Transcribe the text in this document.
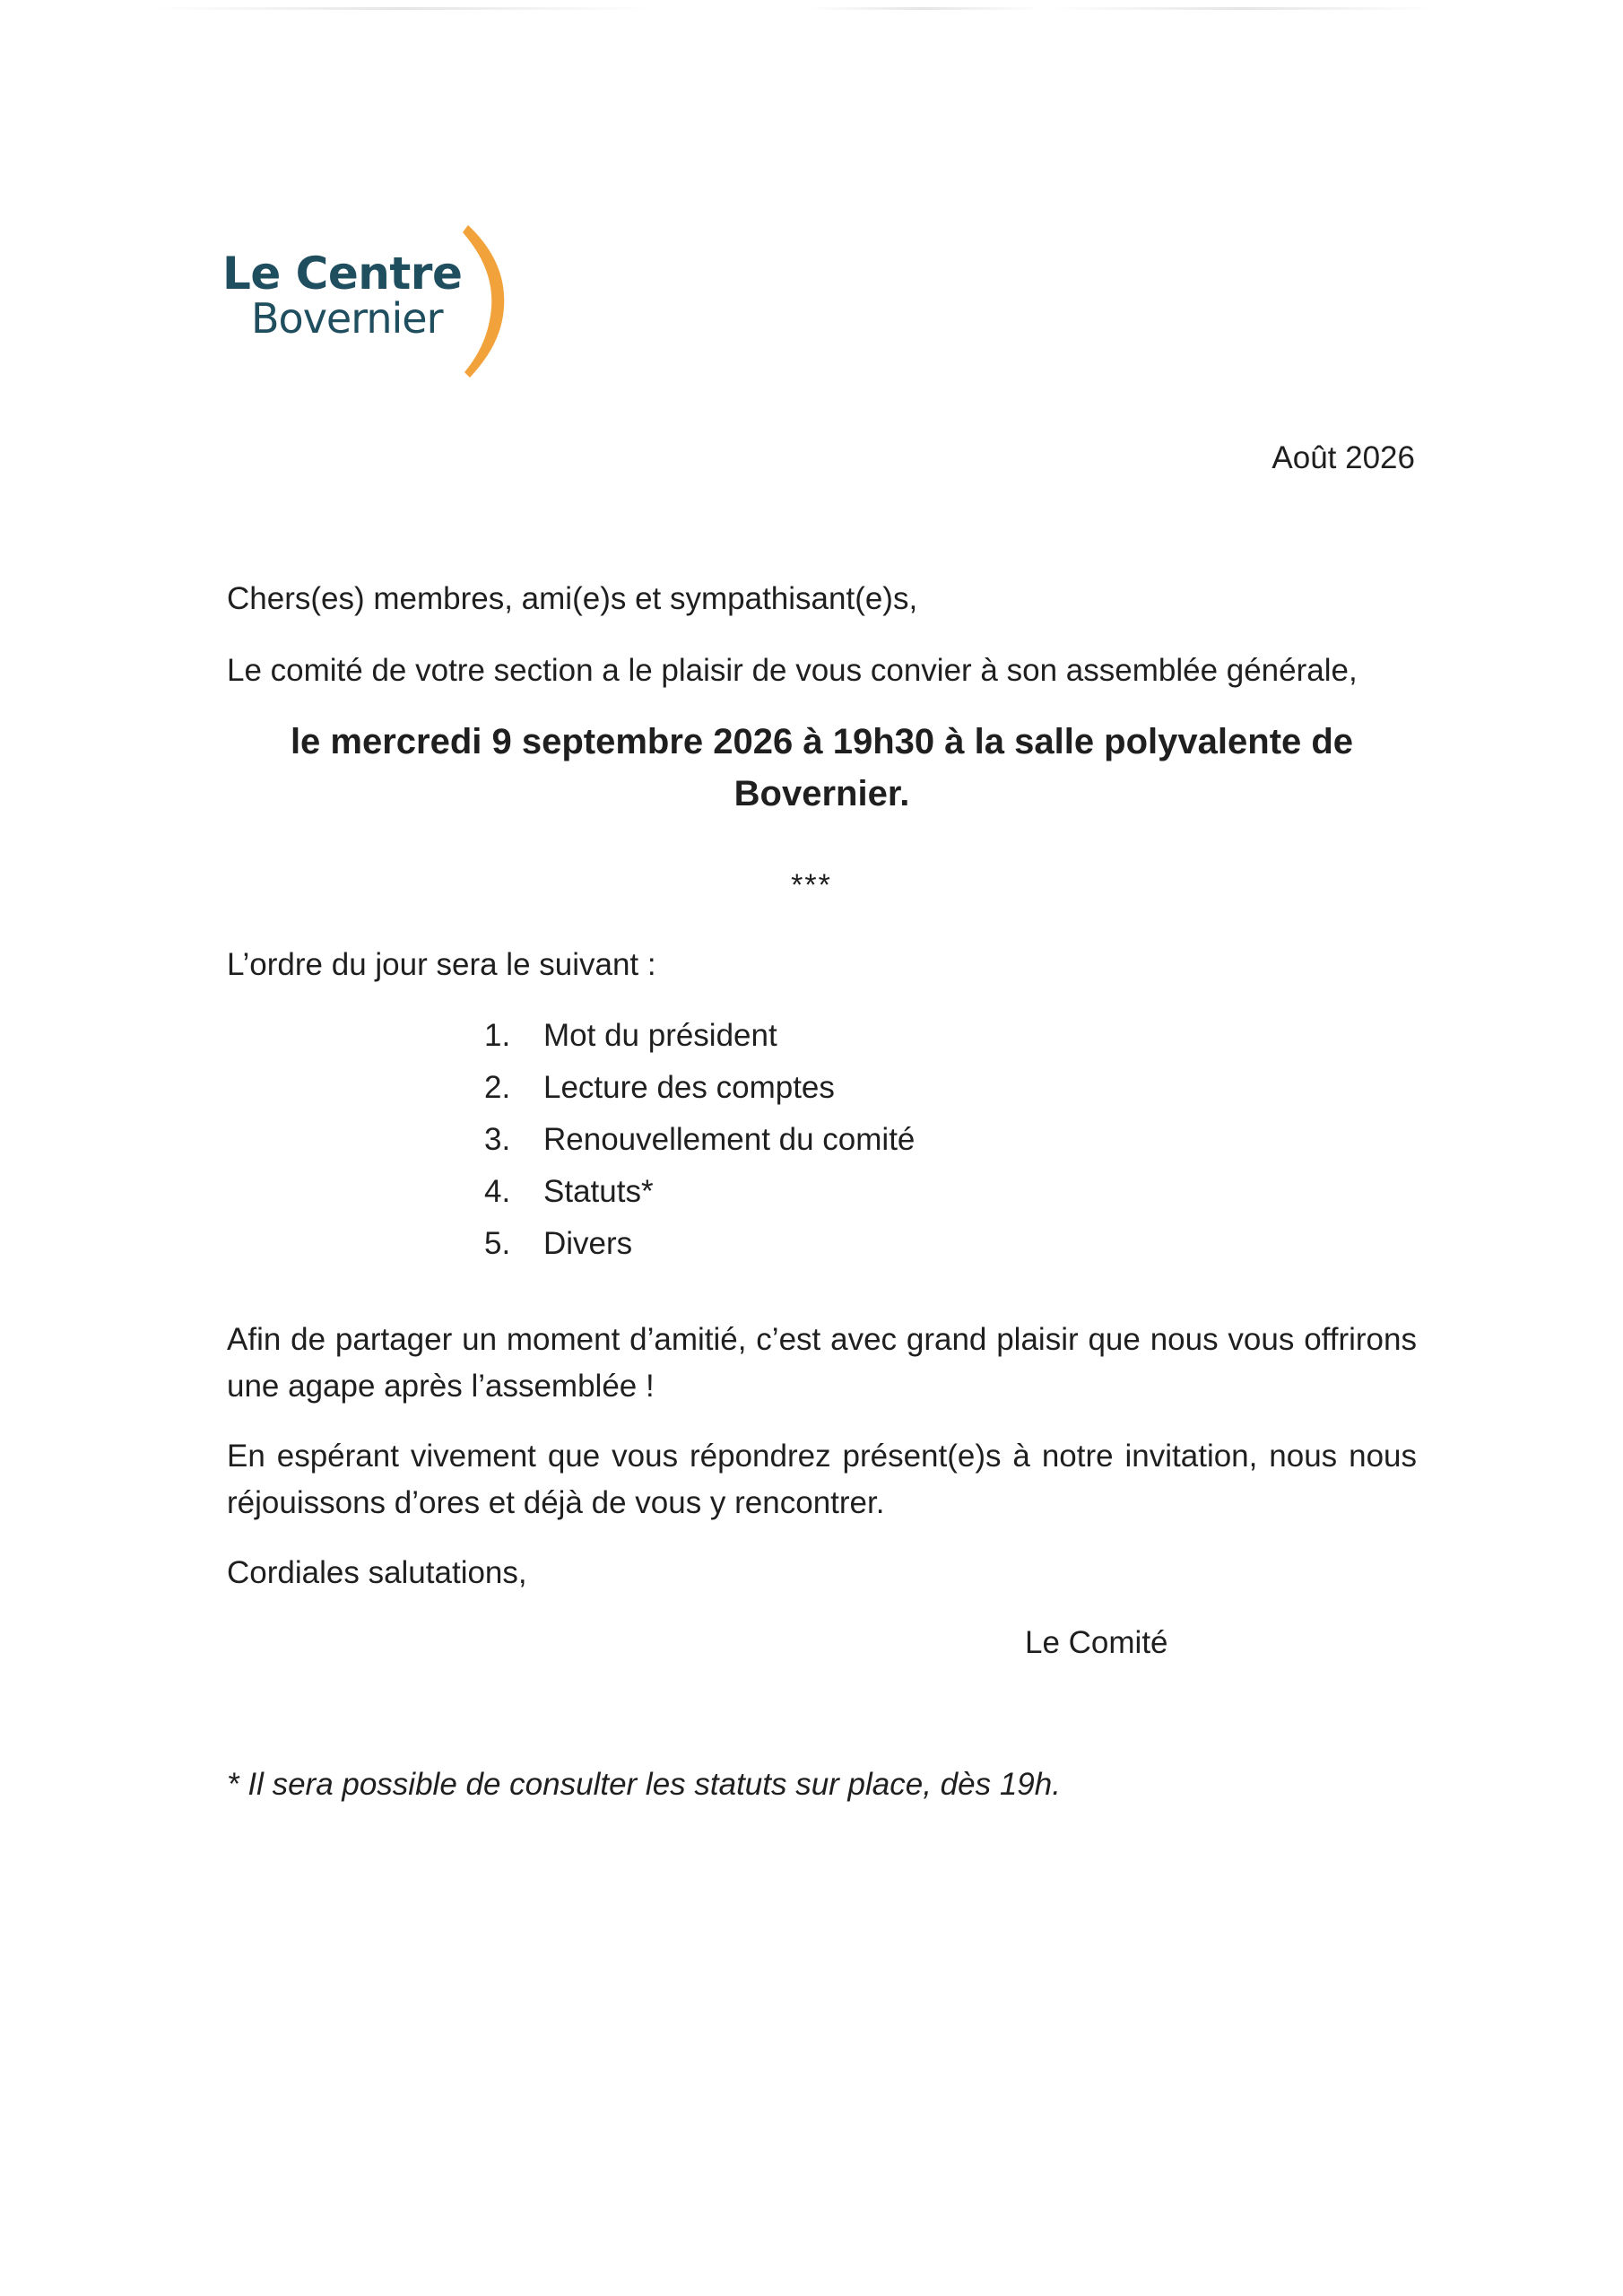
Le Centre
Bovernier
Août 2026

Chers(es) membres, ami(e)s et sympathisant(e)s,

Le comité de votre section a le plaisir de vous convier à son assemblée générale,

le mercredi 9 septembre 2026 à 19h30 à la salle polyvalente de
Bovernier.
***

L’ordre du jour sera le suivant :

1. Mot du président
2. Lecture des comptes
3. Renouvellement du comité
4. Statuts*
5. Divers

Afin de partager un moment d’amitié, c’est avec grand plaisir que nous vous offrirons une agape après l’assemblée !

En espérant vivement que vous répondrez présent(e)s à notre invitation, nous nous réjouissons d’ores et déjà de vous y rencontrer.

Cordiales salutations,

Le Comité
* Il sera possible de consulter les statuts sur place, dès 19h.
